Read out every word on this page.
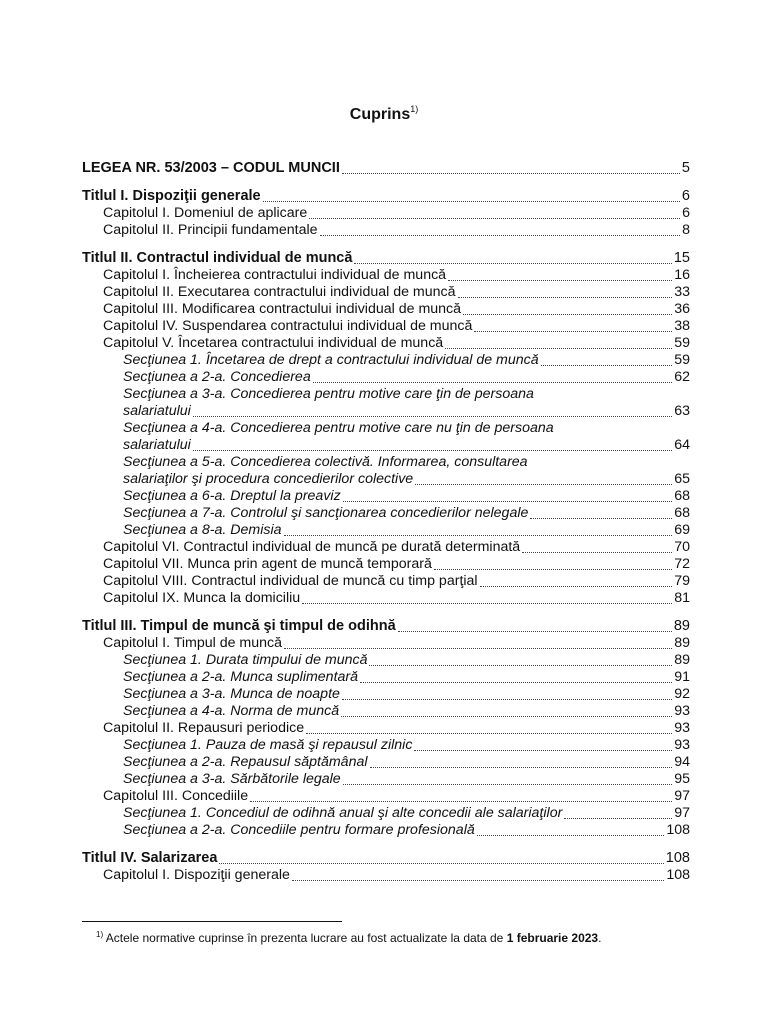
Cuprins$^{1)}$
LEGEA NR. 53/2003 – CODUL MUNCII	5
Titlul I. Dispoziţii generale	6
Capitolul I. Domeniul de aplicare	6
Capitolul II. Principii fundamentale	8
Titlul II. Contractul individual de muncă	15
Capitolul I. Încheierea contractului individual de muncă	16
Capitolul II. Executarea contractului individual de muncă	33
Capitolul III. Modificarea contractului individual de muncă	36
Capitolul IV. Suspendarea contractului individual de muncă	38
Capitolul V. Încetarea contractului individual de muncă	59
Secţiunea 1. Încetarea de drept a contractului individual de muncă	59
Secţiunea a 2-a. Concedierea	62
Secţiunea a 3-a. Concedierea pentru motive care ţin de persoana
salariatului	63
Secţiunea a 4-a. Concedierea pentru motive care nu ţin de persoana
salariatului	64
Secţiunea a 5-a. Concedierea colectivă. Informarea, consultarea
salariaţilor şi procedura concedierilor colective	65
Secţiunea a 6-a. Dreptul la preaviz	68
Secţiunea a 7-a. Controlul şi sancţionarea concedierilor nelegale	68
Secţiunea a 8-a. Demisia	69
Capitolul VI. Contractul individual de muncă pe durată determinată	70
Capitolul VII. Munca prin agent de muncă temporară	72
Capitolul VIII. Contractul individual de muncă cu timp parţial	79
Capitolul IX. Munca la domiciliu	81
Titlul III. Timpul de muncă şi timpul de odihnă	89
Capitolul I. Timpul de muncă	89
Secţiunea 1. Durata timpului de muncă	89
Secţiunea a 2-a. Munca suplimentară	91
Secţiunea a 3-a. Munca de noapte	92
Secţiunea a 4-a. Norma de muncă	93
Capitolul II. Repausuri periodice	93
Secţiunea 1. Pauza de masă şi repausul zilnic	93
Secţiunea a 2-a. Repausul săptămânal	94
Secţiunea a 3-a. Sărbătorile legale	95
Capitolul III. Concediile	97
Secţiunea 1. Concediul de odihnă anual şi alte concedii ale salariaţilor	97
Secţiunea a 2-a. Concediile pentru formare profesională	108
Titlul IV. Salarizarea	108
Capitolul I. Dispoziţii generale	108
$^{1)}$ Actele normative cuprinse în prezenta lucrare au fost actualizate la data de 1 februarie 2023.
